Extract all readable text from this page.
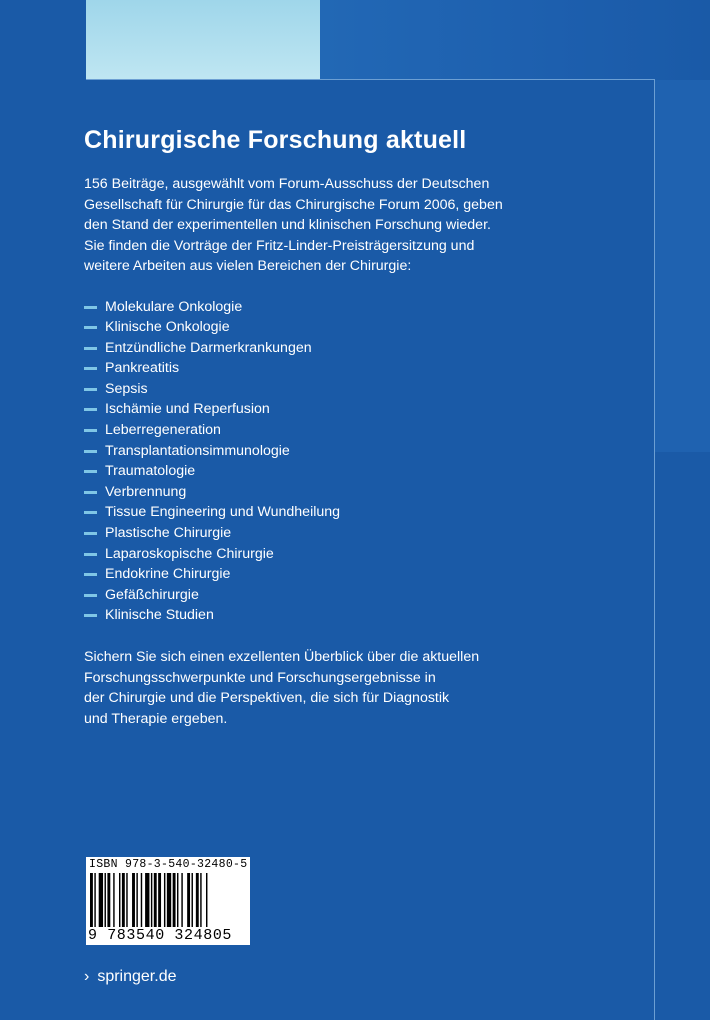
Chirurgische Forschung aktuell

156 Beiträge, ausgewählt vom Forum-Ausschuss der Deutschen
Gesellschaft für Chirurgie für das Chirurgische Forum 2006, geben
den Stand der experimentellen und klinischen Forschung wieder.
Sie finden die Vorträge der Fritz-Linder-Preisträgersitzung und
weitere Arbeiten aus vielen Bereichen der Chirurgie:

Molekulare Onkologie
Klinische Onkologie
Entzündliche Darmerkrankungen
Pankreatitis
Sepsis
Ischämie und Reperfusion
Leberregeneration
Transplantationsimmunologie
Traumatologie
Verbrennung
Tissue Engineering und Wundheilung
Plastische Chirurgie
Laparoskopische Chirurgie
Endokrine Chirurgie
Gefäßchirurgie
Klinische Studien

Sichern Sie sich einen exzellenten Überblick über die aktuellen
Forschungsschwerpunkte und Forschungsergebnisse in
der Chirurgie und die Perspektiven, die sich für Diagnostik
und Therapie ergeben.

ISBN 978-3-540-32480-5
9 783540 324805
› springer.de
